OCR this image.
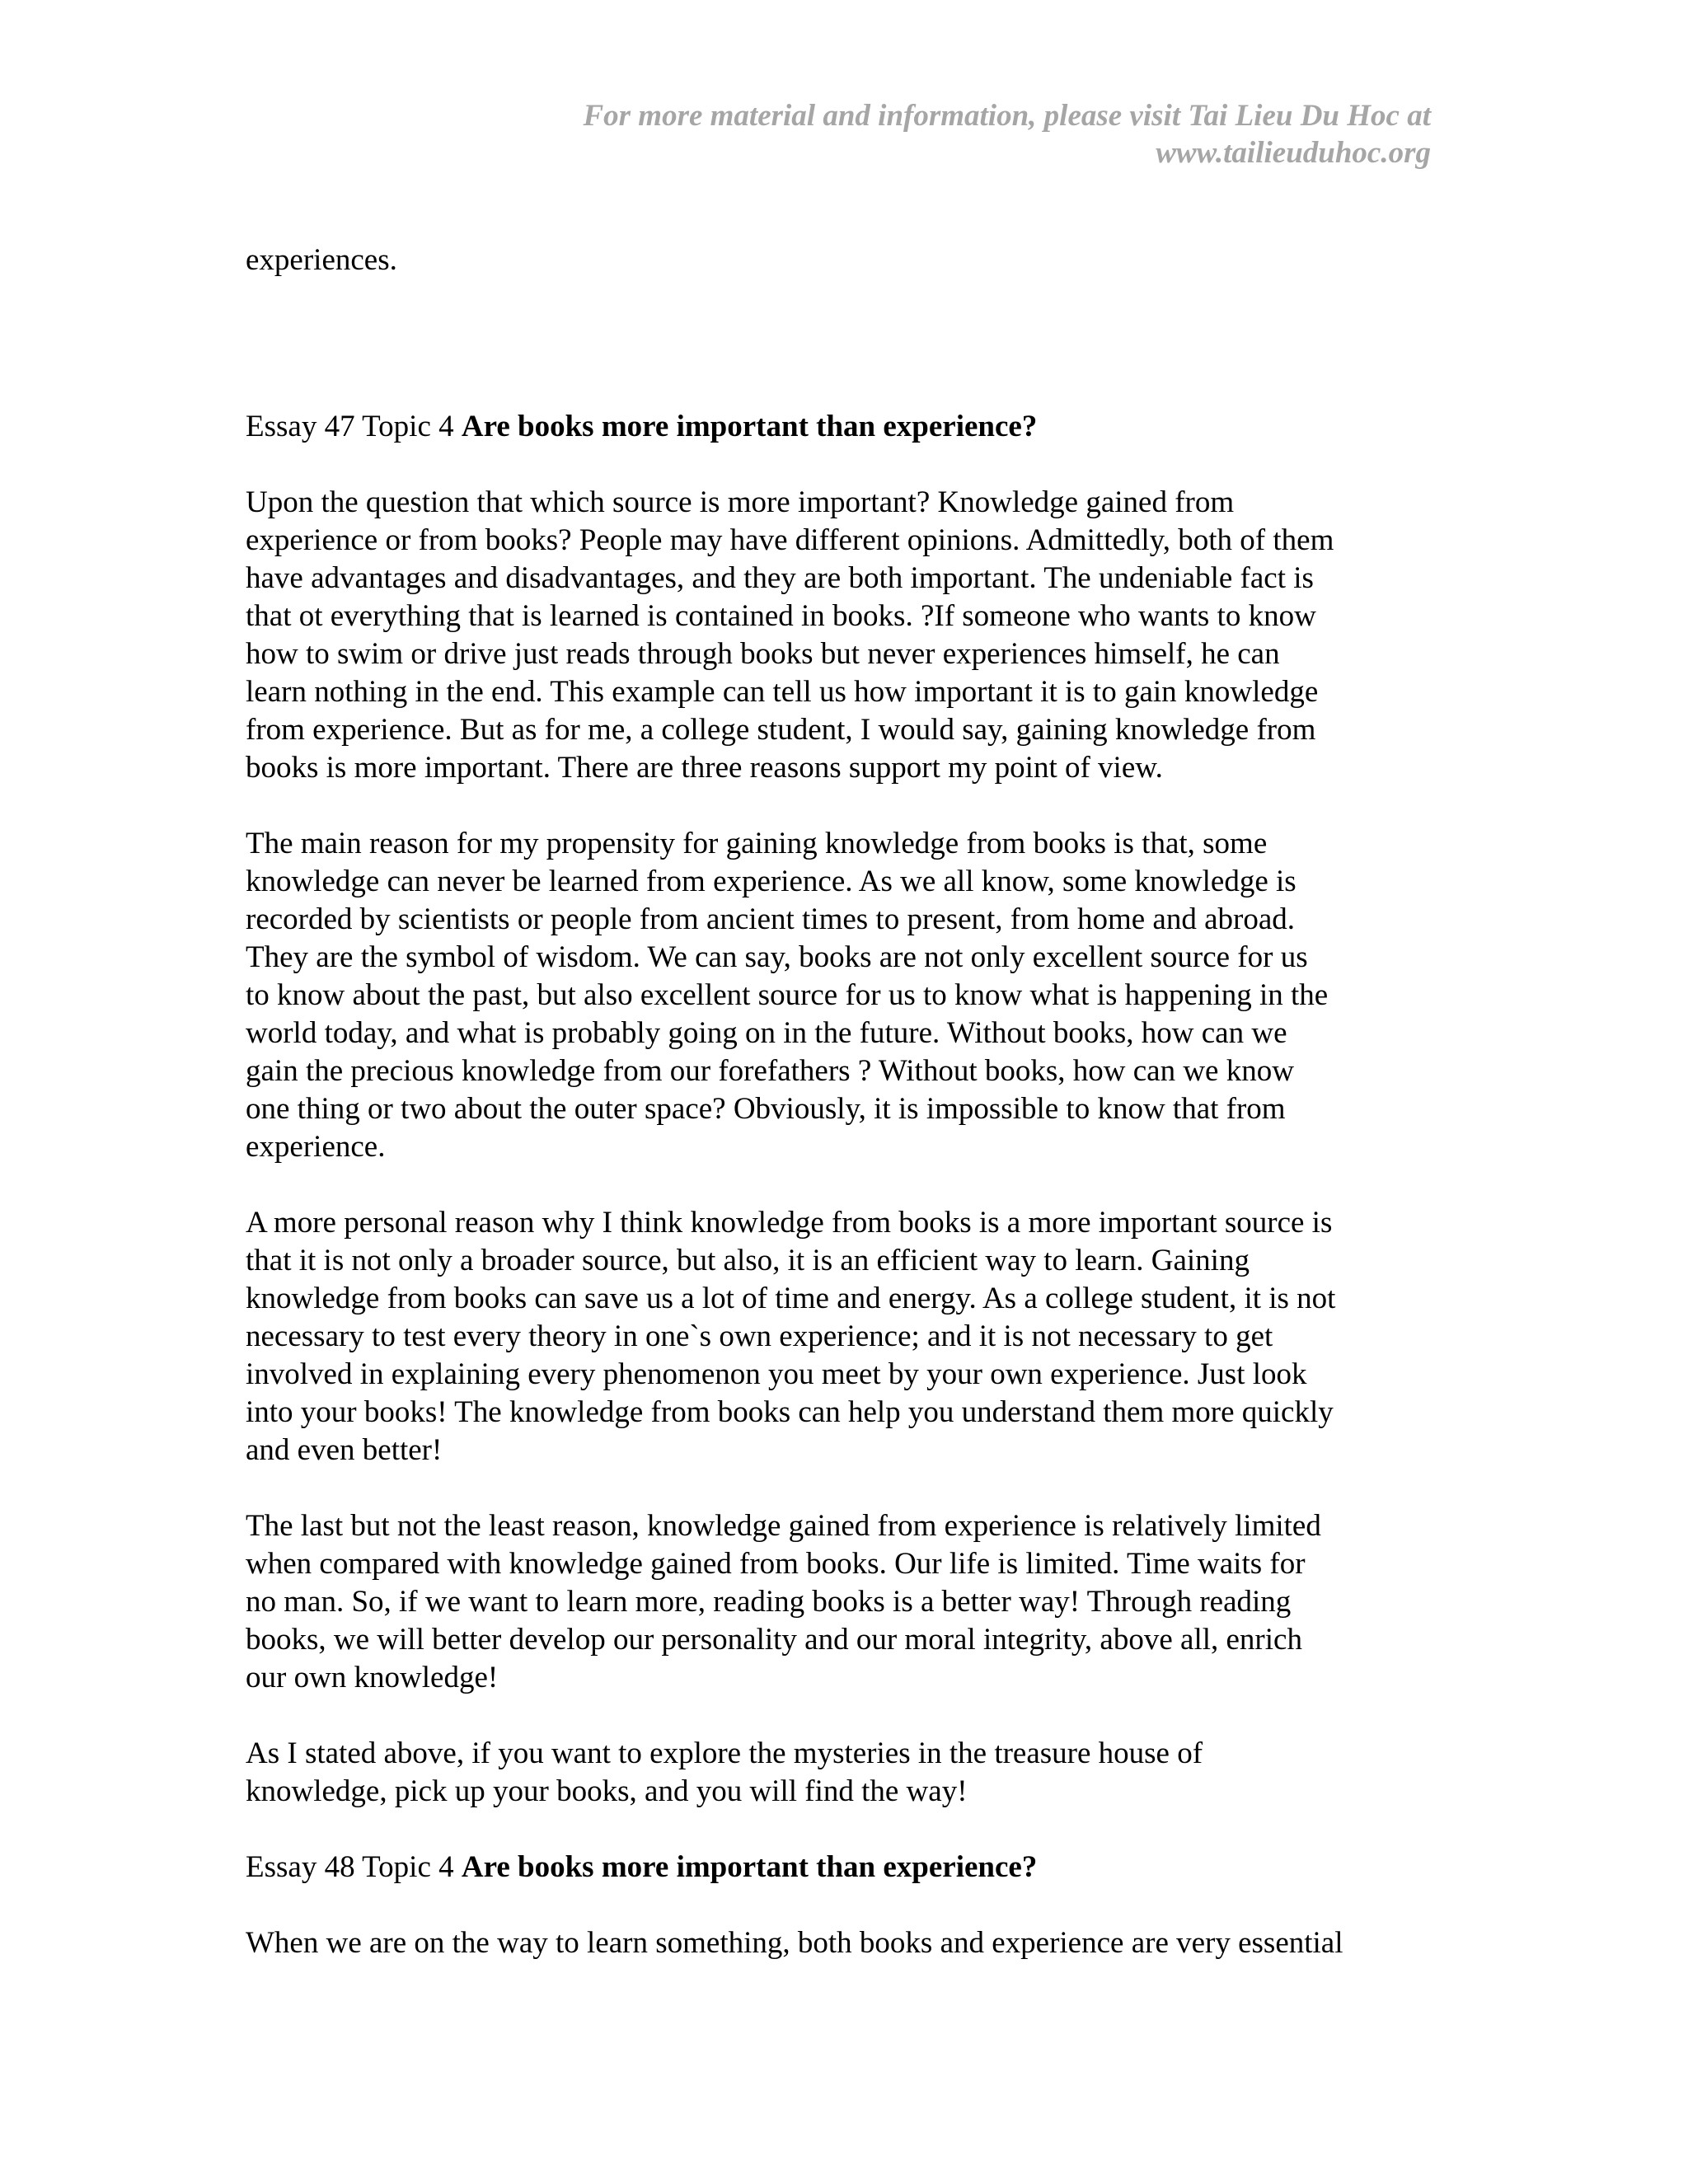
For more material and information, please visit Tai Lieu Du Hoc at
www.tailieuduhoc.org

experiences.

Essay 47 Topic 4 Are books more important than experience?

Upon the question that which source is more important? Knowledge gained from
experience or from books? People may have different opinions. Admittedly, both of them
have advantages and disadvantages, and they are both important. The undeniable fact is
that ot everything that is learned is contained in books. ?If someone who wants to know
how to swim or drive just reads through books but never experiences himself, he can
learn nothing in the end. This example can tell us how important it is to gain knowledge
from experience. But as for me, a college student, I would say, gaining knowledge from
books is more important. There are three reasons support my point of view.

The main reason for my propensity for gaining knowledge from books is that, some
knowledge can never be learned from experience. As we all know, some knowledge is
recorded by scientists or people from ancient times to present, from home and abroad.
They are the symbol of wisdom. We can say, books are not only excellent source for us
to know about the past, but also excellent source for us to know what is happening in the
world today, and what is probably going on in the future. Without books, how can we
gain the precious knowledge from our forefathers ? Without books, how can we know
one thing or two about the outer space? Obviously, it is impossible to know that from
experience.

A more personal reason why I think knowledge from books is a more important source is
that it is not only a broader source, but also, it is an efficient way to learn. Gaining
knowledge from books can save us a lot of time and energy. As a college student, it is not
necessary to test every theory in one`s own experience; and it is not necessary to get
involved in explaining every phenomenon you meet by your own experience. Just look
into your books! The knowledge from books can help you understand them more quickly
and even better!

The last but not the least reason, knowledge gained from experience is relatively limited
when compared with knowledge gained from books. Our life is limited. Time waits for
no man. So, if we want to learn more, reading books is a better way! Through reading
books, we will better develop our personality and our moral integrity, above all, enrich
our own knowledge!

As I stated above, if you want to explore the mysteries in the treasure house of
knowledge, pick up your books, and you will find the way!

Essay 48 Topic 4 Are books more important than experience?

When we are on the way to learn something, both books and experience are very essential
